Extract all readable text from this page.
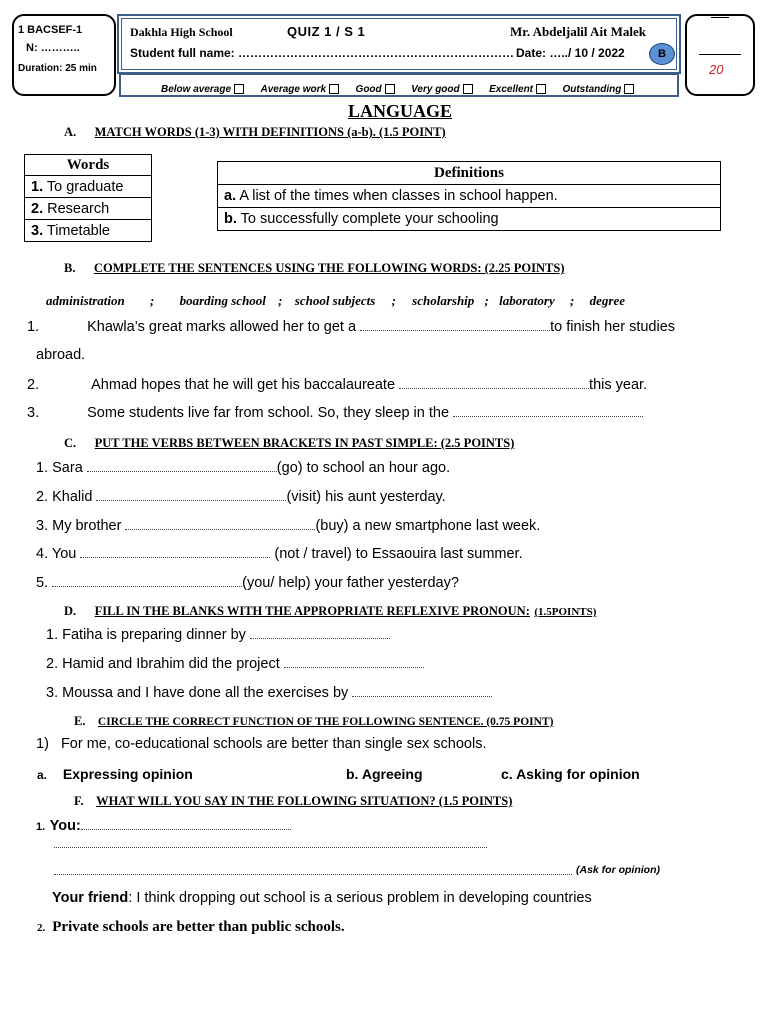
1 BACSEF-1
N: ………..
Duration: 25 min
Dakhla High School	QUIZ 1 / S 1	Mr. Abdeljalil Ait Malek
Student full name: …………………………………………………………… Date: …../ 10 / 2022	B
Below average	Average work	Good	Very good	Excellent	Outstanding
20
LANGUAGE
A. MATCH WORDS (1-3) WITH DEFINITIONS (a-b). (1.5 POINT)
Words
1. To graduate
2. Research
3. Timetable
Definitions
a. A list of the times when classes in school happen.
b. To successfully complete your schooling
B. COMPLETE THE SENTENCES USING THE FOLLOWING WORDS: (2.25 POINTS)
administration ; boarding school ; school subjects ; scholarship ; laboratory ; degree
1.	Khawla’s great marks allowed her to get a	to finish her studies
abroad.
2.	Ahmad hopes that he will get his baccalaureate	this year.
3.	Some students live far from school. So, they sleep in the
C. PUT THE VERBS BETWEEN BRACKETS IN PAST SIMPLE: (2.5 POINTS)
1. Sara	(go) to school an hour ago.
2. Khalid	(visit) his aunt yesterday.
3. My brother	(buy) a new smartphone last week.
4. You	(not / travel) to Essaouira last summer.
5.	(you/ help) your father yesterday?
D. FILL IN THE BLANKS WITH THE APPROPRIATE REFLEXIVE PRONOUN: (1.5POINTS)
1. Fatiha is preparing dinner by
2. Hamid and Ibrahim did the project
3. Moussa and I have done all the exercises by
E. CIRCLE THE CORRECT FUNCTION OF THE FOLLOWING SENTENCE. (0.75 POINT)
1) For me, co-educational schools are better than single sex schools.
a. Expressing opinion	b. Agreeing	c. Asking for opinion
F. WHAT WILL YOU SAY IN THE FOLLOWING SITUATION? (1.5 POINTS)
1. You:
(Ask for opinion)
Your friend: I think dropping out school is a serious problem in developing countries
2. Private schools are better than public schools.
